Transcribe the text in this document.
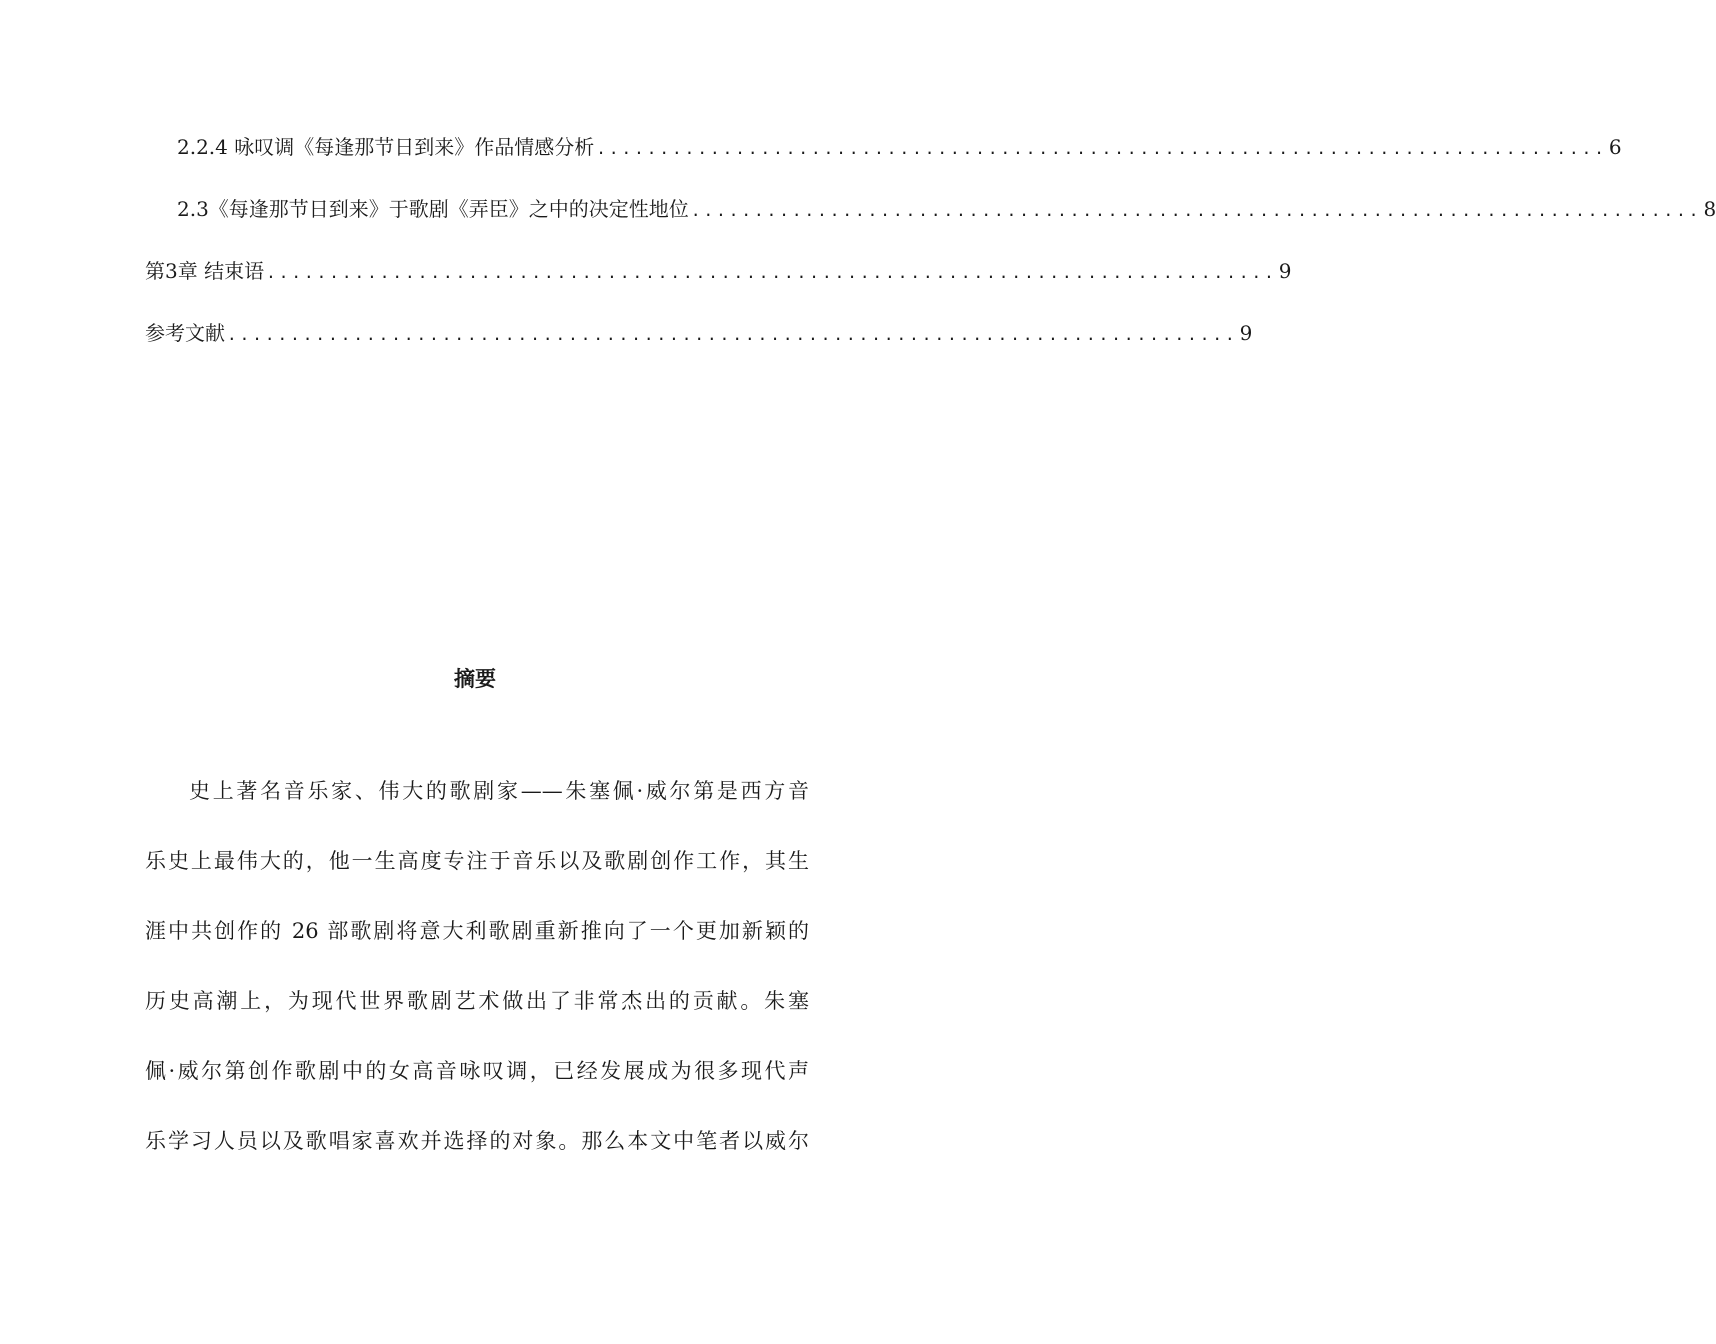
2.2.4 咏叹调《每逢那节日到来》作品情感分析 ................................................................................ 6
2.3《每逢那节日到来》于歌剧《弄臣》之中的决定性地位 ................................................................................ 8
第3章 结束语 ................................................................................ 9
参考文献 ................................................................................ 9
摘要
史上著名音乐家、伟大的歌剧家——朱塞佩·威尔第是西方音
乐史上最伟大的，他一生高度专注于音乐以及歌剧创作工作，其生
涯中共创作的 26 部歌剧将意大利歌剧重新推向了一个更加新颖的
历史高潮上，为现代世界歌剧艺术做出了非常杰出的贡献。朱塞
佩·威尔第创作歌剧中的女高音咏叹调，已经发展成为很多现代声
乐学习人员以及歌唱家喜欢并选择的对象。那么本文中笔者以威尔
